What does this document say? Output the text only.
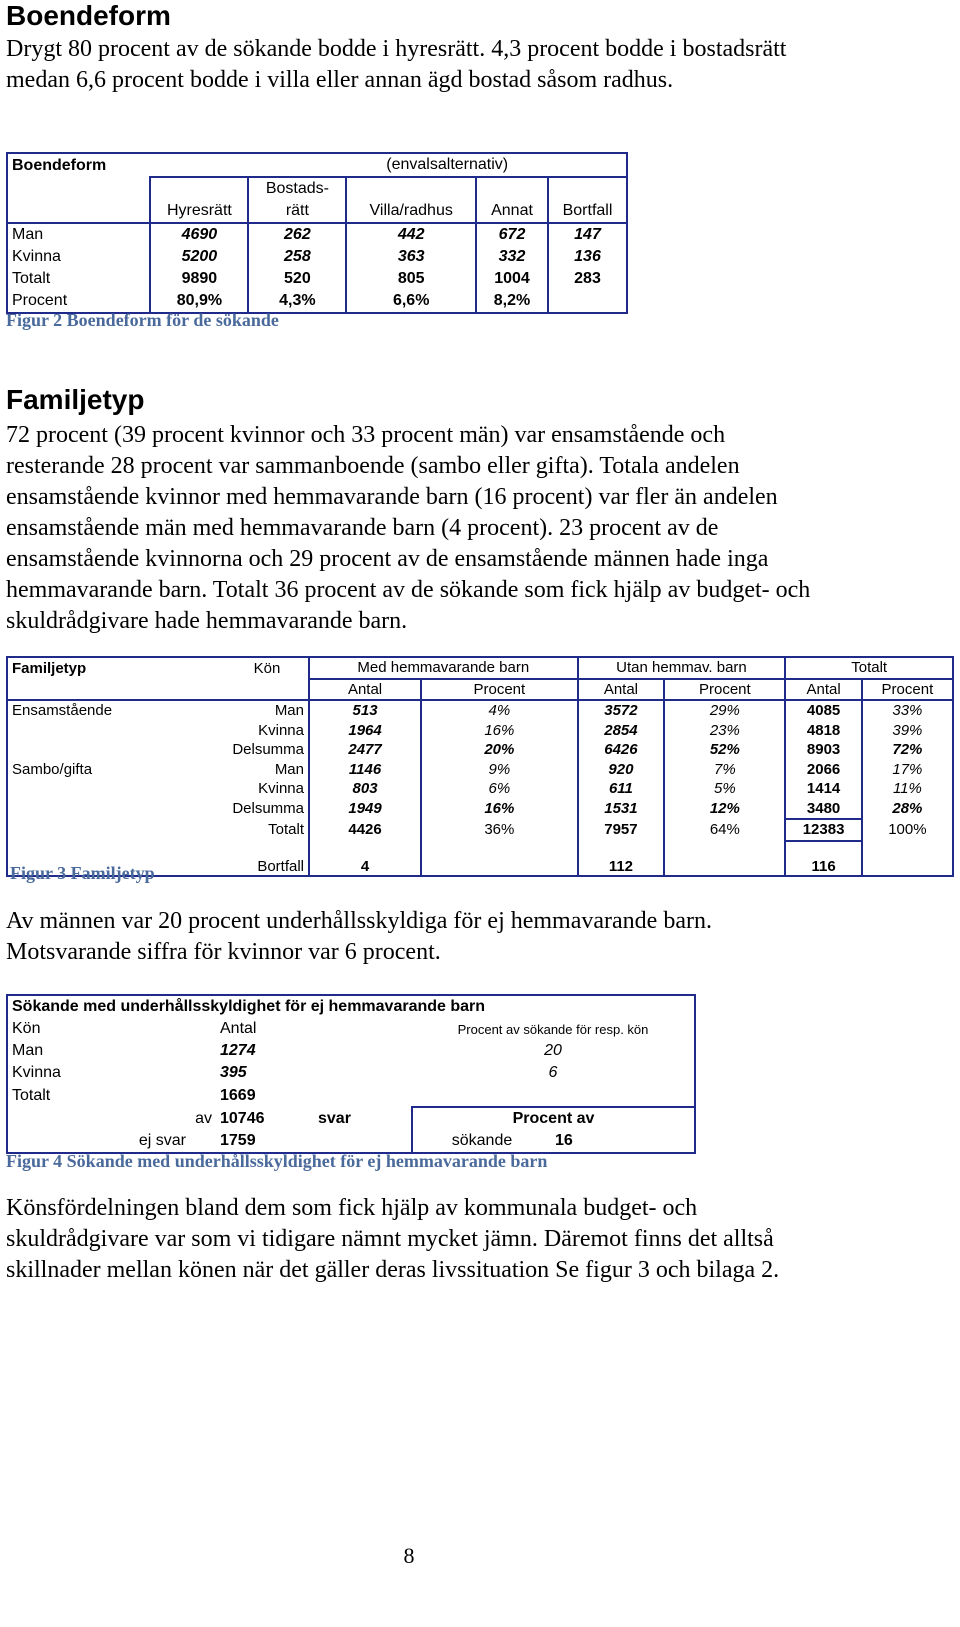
Boendeform
Drygt 80 procent av de sökande bodde i hyresrätt. 4,3 procent bodde i bostadsrätt medan 6,6 procent bodde i villa eller annan ägd bostad såsom radhus.
Boendeform			(envalsalternativ)		
		Bostads-			
	Hyresrätt	rätt	Villa/radhus	Annat	Bortfall
Man	4690	262	442	672	147
Kvinna	5200	258	363	332	136
Totalt	9890	520	805	1004	283
Procent	80,9%	4,3%	6,6%	8,2%	
Figur 2 Boendeform för de sökande
Familjetyp
72 procent (39 procent kvinnor och 33 procent män) var ensamstående och resterande 28 procent var sammanboende (sambo eller gifta). Totala andelen ensamstående kvinnor med hemmavarande barn (16 procent) var fler än andelen ensamstående män med hemmavarande barn (4 procent). 23 procent av de ensamstående kvinnorna och 29 procent av de ensamstående männen hade inga hemmavarande barn. Totalt 36 procent av de sökande som fick hjälp av budget- och skuldrådgivare hade hemmavarande barn.
Familjetyp	Kön	Med hemmavarande barn		Utan hemmav. barn		Totalt	
		Antal	Procent	Antal	Procent	Antal	Procent
Ensamstående	Man	513	4%	3572	29%	4085	33%
	Kvinna	1964	16%	2854	23%	4818	39%
	Delsumma	2477	20%	6426	52%	8903	72%
Sambo/gifta	Man	1146	9%	920	7%	2066	17%
	Kvinna	803	6%	611	5%	1414	11%
	Delsumma	1949	16%	1531	12%	3480	28%
	Totalt	4426	36%	7957	64%	12383	100%
	Bortfall	4		112		116	
Figur 3 Familjetyp
Av männen var 20 procent underhållsskyldiga för ej hemmavarande barn. Motsvarande siffra för kvinnor var 6 procent.
Sökande med underhållsskyldighet för ej hemmavarande barn				
Kön	Antal		Procent av sökande för resp. kön	
Man	1274		20	
Kvinna	395		6	
Totalt	1669			
av	10746	svar	Procent av	
ej svar	1759		sökande	16
Figur 4 Sökande med underhållsskyldighet för ej hemmavarande barn
Könsfördelningen bland dem som fick hjälp av kommunala budget- och skuldrådgivare var som vi tidigare nämnt mycket jämn. Däremot finns det alltså skillnader mellan könen när det gäller deras livssituation Se figur 3 och bilaga 2.
8
